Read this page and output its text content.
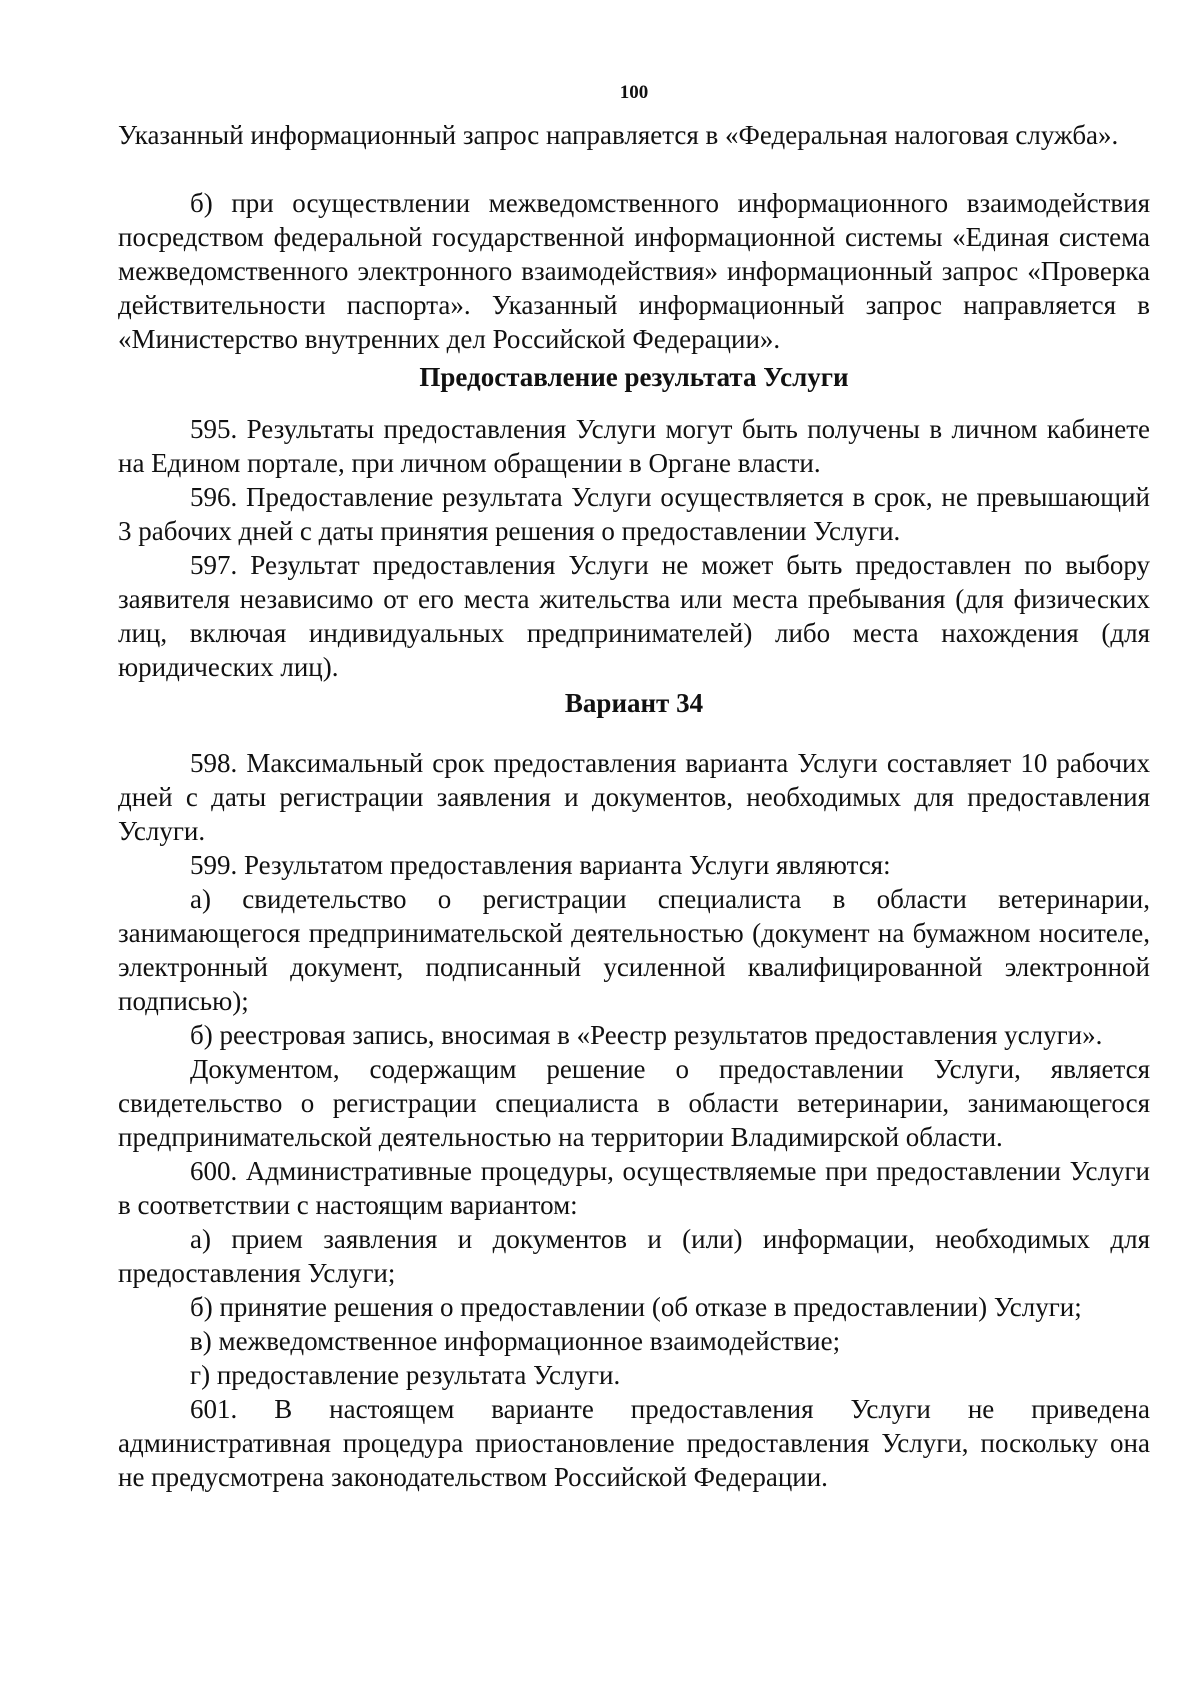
100

Указанный информационный запрос направляется в «Федеральная налоговая служба».

б) при осуществлении межведомственного информационного взаимодействия посредством федеральной государственной информационной системы «Единая система межведомственного электронного взаимодействия» информационный запрос «Проверка действительности паспорта». Указанный информационный запрос направляется в «Министерство внутренних дел Российской Федерации».

Предоставление результата Услуги

595. Результаты предоставления Услуги могут быть получены в личном кабинете на Едином портале, при личном обращении в Органе власти.

596. Предоставление результата Услуги осуществляется в срок, не превышающий 3 рабочих дней с даты принятия решения о предоставлении Услуги.

597. Результат предоставления Услуги не может быть предоставлен по выбору заявителя независимо от его места жительства или места пребывания (для физических лиц, включая индивидуальных предпринимателей) либо места нахождения (для юридических лиц).

Вариант 34

598. Максимальный срок предоставления варианта Услуги составляет 10 рабочих дней с даты регистрации заявления и документов, необходимых для предоставления Услуги.

599. Результатом предоставления варианта Услуги являются:

а) свидетельство о регистрации специалиста в области ветеринарии, занимающегося предпринимательской деятельностью (документ на бумажном носителе, электронный документ, подписанный усиленной квалифицированной электронной подписью);

б) реестровая запись, вносимая в «Реестр результатов предоставления услуги».

Документом, содержащим решение о предоставлении Услуги, является свидетельство о регистрации специалиста в области ветеринарии, занимающегося предпринимательской деятельностью на территории Владимирской области.

600. Административные процедуры, осуществляемые при предоставлении Услуги в соответствии с настоящим вариантом:

а) прием заявления и документов и (или) информации, необходимых для предоставления Услуги;

б) принятие решения о предоставлении (об отказе в предоставлении) Услуги;

в) межведомственное информационное взаимодействие;

г) предоставление результата Услуги.

601. В настоящем варианте предоставления Услуги не приведена административная процедура приостановление предоставления Услуги, поскольку она не предусмотрена законодательством Российской Федерации.
